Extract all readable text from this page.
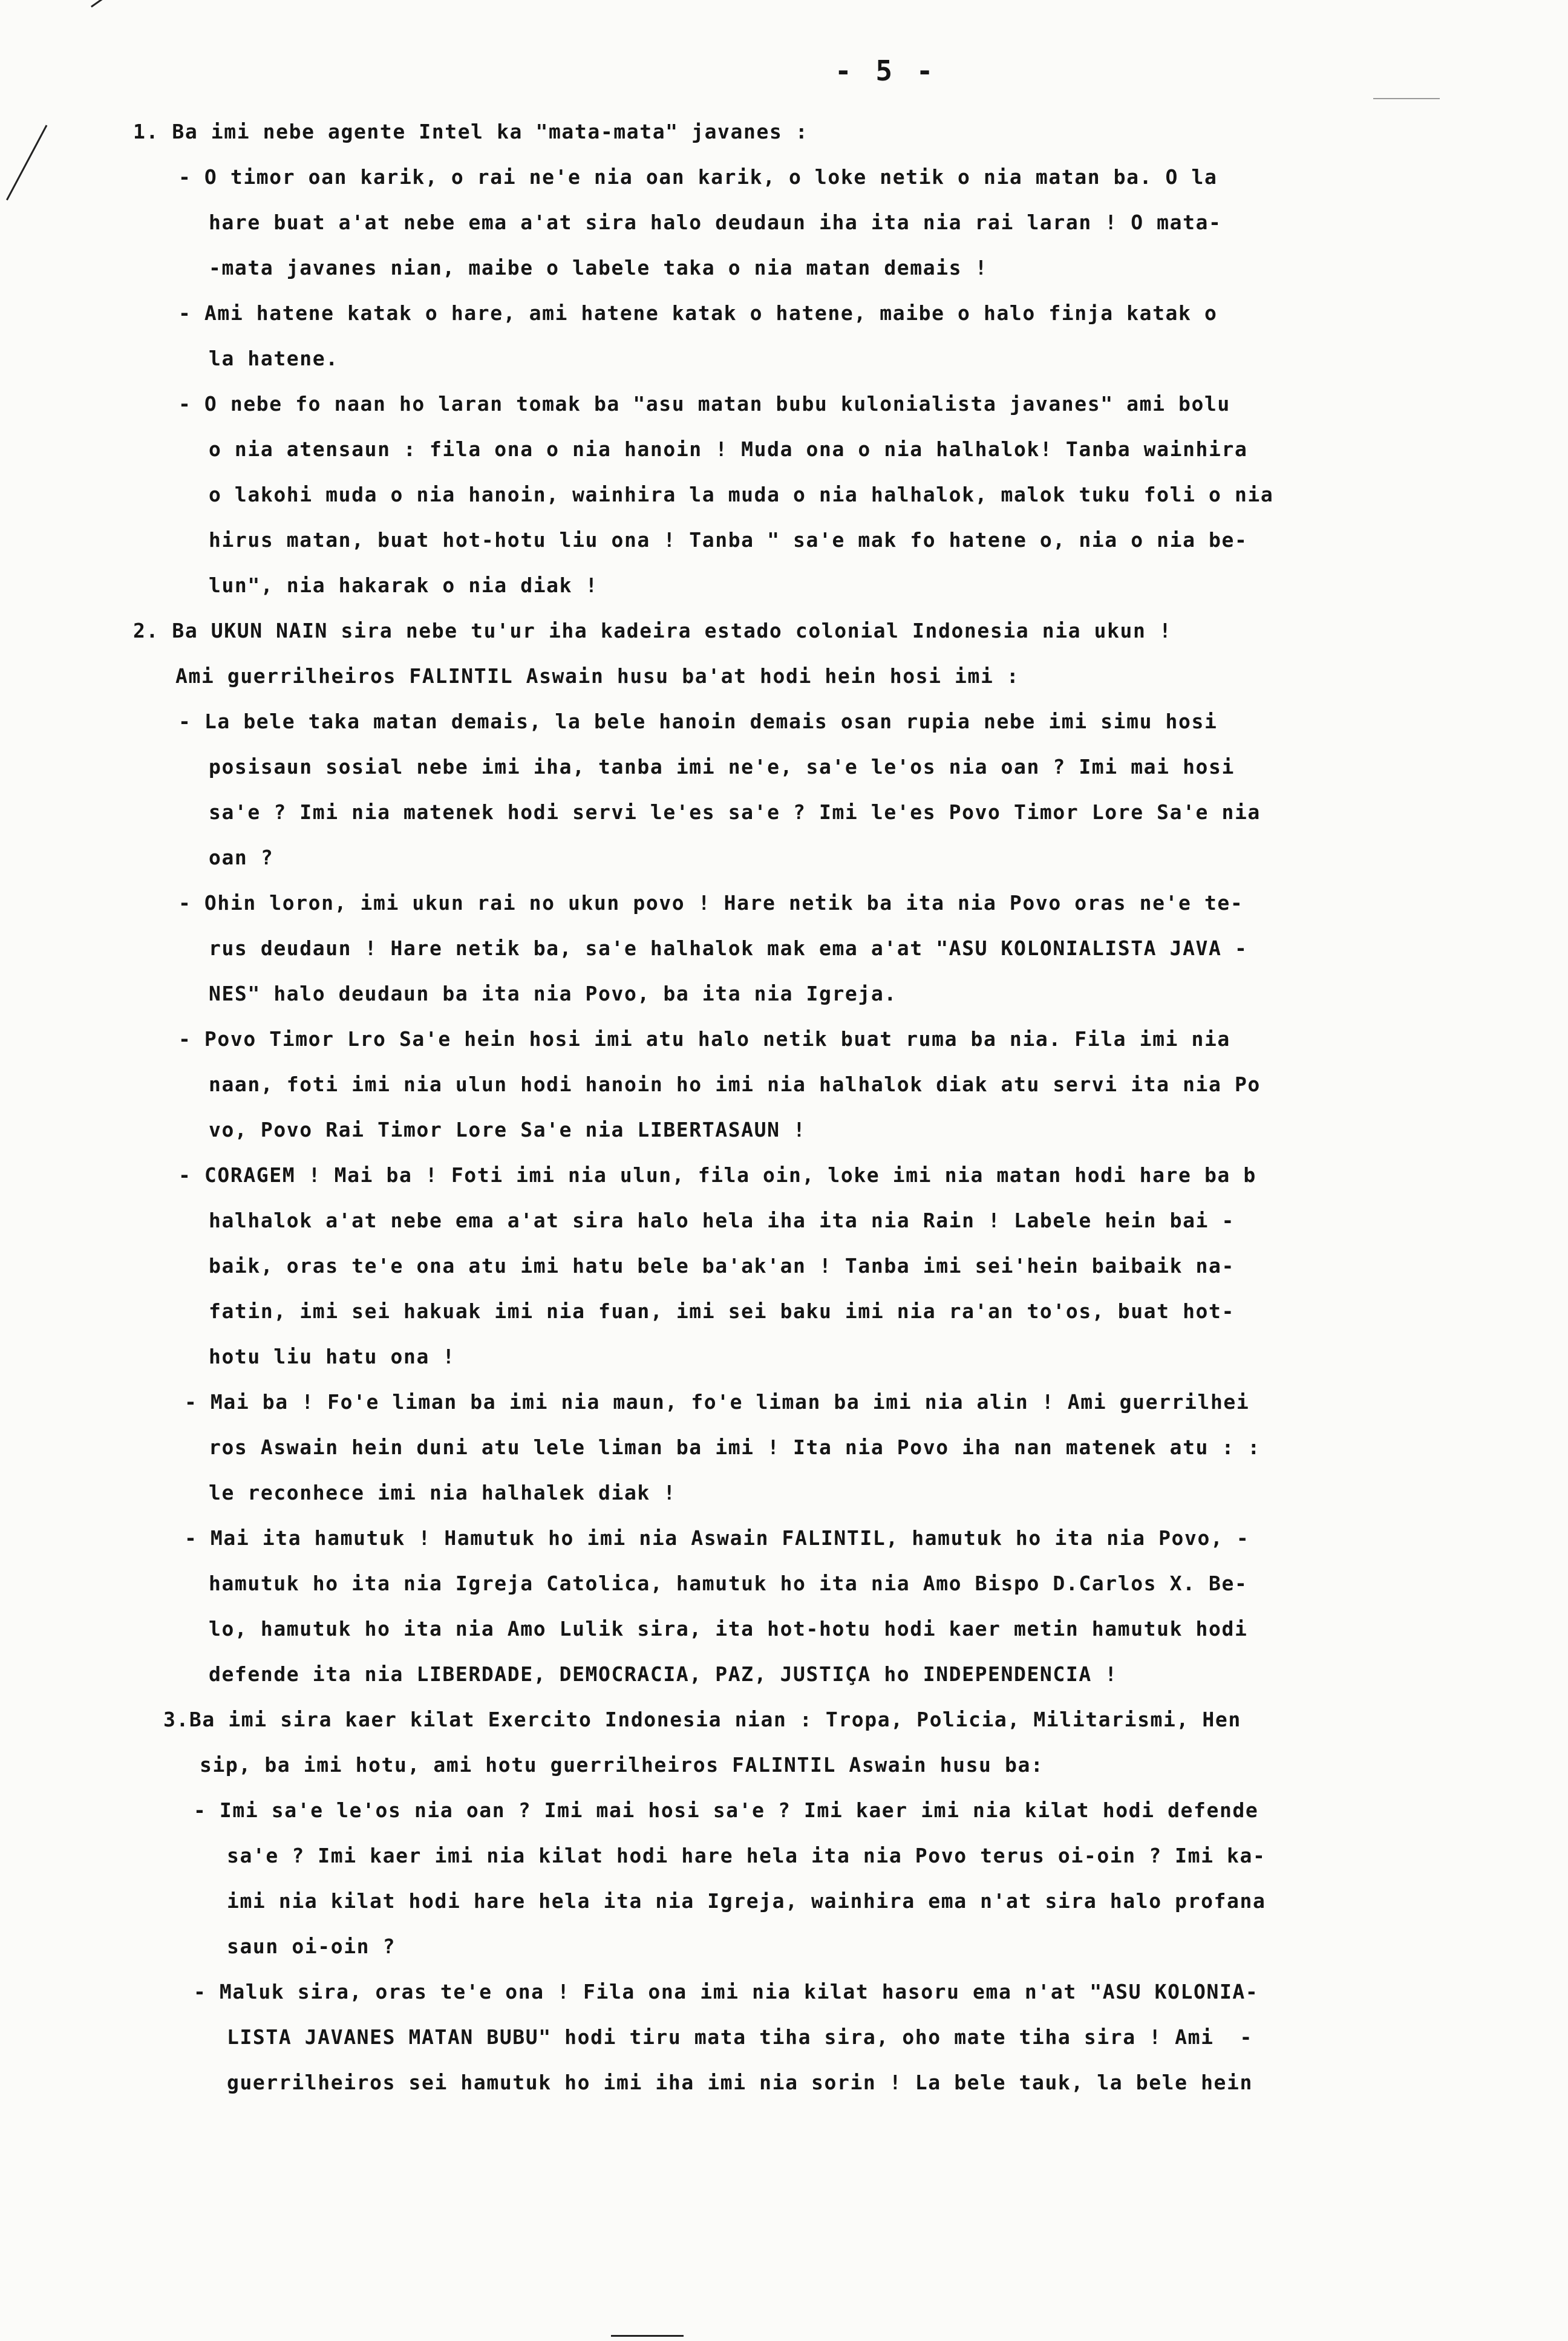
- 5 -
1. Ba imi nebe agente Intel ka "mata-mata" javanes :
- O timor oan karik, o rai ne'e nia oan karik, o loke netik o nia matan ba. O la
hare buat a'at nebe ema a'at sira halo deudaun iha ita nia rai laran ! O mata-
-mata javanes nian, maibe o labele taka o nia matan demais !
- Ami hatene katak o hare, ami hatene katak o hatene, maibe o halo finja katak o
la hatene.
- O nebe fo naan ho laran tomak ba "asu matan bubu kulonialista javanes" ami bolu
o nia atensaun : fila ona o nia hanoin ! Muda ona o nia halhalok! Tanba wainhira
o lakohi muda o nia hanoin, wainhira la muda o nia halhalok, malok tuku foli o nia
hirus matan, buat hot-hotu liu ona ! Tanba " sa'e mak fo hatene o, nia o nia be-
lun", nia hakarak o nia diak !
2. Ba UKUN NAIN sira nebe tu'ur iha kadeira estado colonial Indonesia nia ukun !
Ami guerrilheiros FALINTIL Aswain husu ba'at hodi hein hosi imi :
- La bele taka matan demais, la bele hanoin demais osan rupia nebe imi simu hosi
posisaun sosial nebe imi iha, tanba imi ne'e, sa'e le'os nia oan ? Imi mai hosi
sa'e ? Imi nia matenek hodi servi le'es sa'e ? Imi le'es Povo Timor Lore Sa'e nia
oan ?
- Ohin loron, imi ukun rai no ukun povo ! Hare netik ba ita nia Povo oras ne'e te-
rus deudaun ! Hare netik ba, sa'e halhalok mak ema a'at "ASU KOLONIALISTA JAVA -
NES" halo deudaun ba ita nia Povo, ba ita nia Igreja.
- Povo Timor Lro Sa'e hein hosi imi atu halo netik buat ruma ba nia. Fila imi nia
naan, foti imi nia ulun hodi hanoin ho imi nia halhalok diak atu servi ita nia Po
vo, Povo Rai Timor Lore Sa'e nia LIBERTASAUN !
- CORAGEM ! Mai ba ! Foti imi nia ulun, fila oin, loke imi nia matan hodi hare ba b
halhalok a'at nebe ema a'at sira halo hela iha ita nia Rain ! Labele hein bai -
baik, oras te'e ona atu imi hatu bele ba'ak'an ! Tanba imi sei'hein baibaik na-
fatin, imi sei hakuak imi nia fuan, imi sei baku imi nia ra'an to'os, buat hot-
hotu liu hatu ona !
- Mai ba ! Fo'e liman ba imi nia maun, fo'e liman ba imi nia alin ! Ami guerrilhei
ros Aswain hein duni atu lele liman ba imi ! Ita nia Povo iha nan matenek atu : :
le reconhece imi nia halhalek diak !
- Mai ita hamutuk ! Hamutuk ho imi nia Aswain FALINTIL, hamutuk ho ita nia Povo, -
hamutuk ho ita nia Igreja Catolica, hamutuk ho ita nia Amo Bispo D.Carlos X. Be-
lo, hamutuk ho ita nia Amo Lulik sira, ita hot-hotu hodi kaer metin hamutuk hodi
defende ita nia LIBERDADE, DEMOCRACIA, PAZ, JUSTIÇA ho INDEPENDENCIA !
3.Ba imi sira kaer kilat Exercito Indonesia nian : Tropa, Policia, Militarismi, Hen
sip, ba imi hotu, ami hotu guerrilheiros FALINTIL Aswain husu ba:
- Imi sa'e le'os nia oan ? Imi mai hosi sa'e ? Imi kaer imi nia kilat hodi defende
sa'e ? Imi kaer imi nia kilat hodi hare hela ita nia Povo terus oi-oin ? Imi ka-
imi nia kilat hodi hare hela ita nia Igreja, wainhira ema n'at sira halo profana
saun oi-oin ?
- Maluk sira, oras te'e ona ! Fila ona imi nia kilat hasoru ema n'at "ASU KOLONIA-
LISTA JAVANES MATAN BUBU" hodi tiru mata tiha sira, oho mate tiha sira ! Ami  -
guerrilheiros sei hamutuk ho imi iha imi nia sorin ! La bele tauk, la bele hein
